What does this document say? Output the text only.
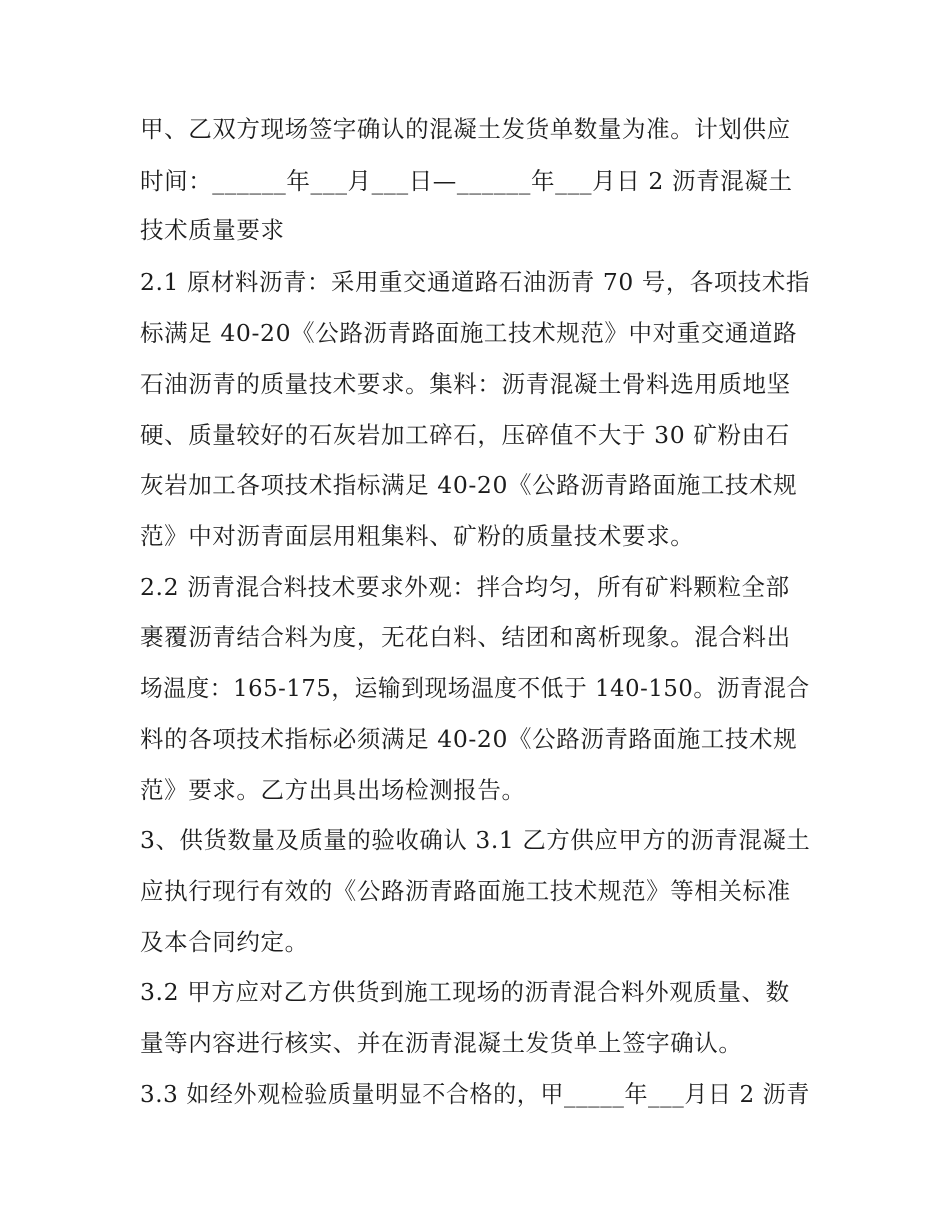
甲、乙双方现场签字确认的混凝土发货单数量为准。计划供应
时间：______年___月___日—______年___月日 2 沥青混凝土
技术质量要求
2.1 原材料沥青：采用重交通道路石油沥青 70 号，各项技术指
标满足 40-20《公路沥青路面施工技术规范》中对重交通道路
石油沥青的质量技术要求。集料：沥青混凝土骨料选用质地坚
硬、质量较好的石灰岩加工碎石，压碎值不大于 30 矿粉由石
灰岩加工各项技术指标满足 40-20《公路沥青路面施工技术规
范》中对沥青面层用粗集料、矿粉的质量技术要求。
2.2 沥青混合料技术要求外观：拌合均匀，所有矿料颗粒全部
裹覆沥青结合料为度，无花白料、结团和离析现象。混合料出
场温度：165-175，运输到现场温度不低于 140-150。沥青混合
料的各项技术指标必须满足 40-20《公路沥青路面施工技术规
范》要求。乙方出具出场检测报告。
3、供货数量及质量的验收确认 3.1 乙方供应甲方的沥青混凝土
应执行现行有效的《公路沥青路面施工技术规范》等相关标准
及本合同约定。
3.2 甲方应对乙方供货到施工现场的沥青混合料外观质量、数
量等内容进行核实、并在沥青混凝土发货单上签字确认。
3.3 如经外观检验质量明显不合格的，甲_____年___月日 2 沥青
